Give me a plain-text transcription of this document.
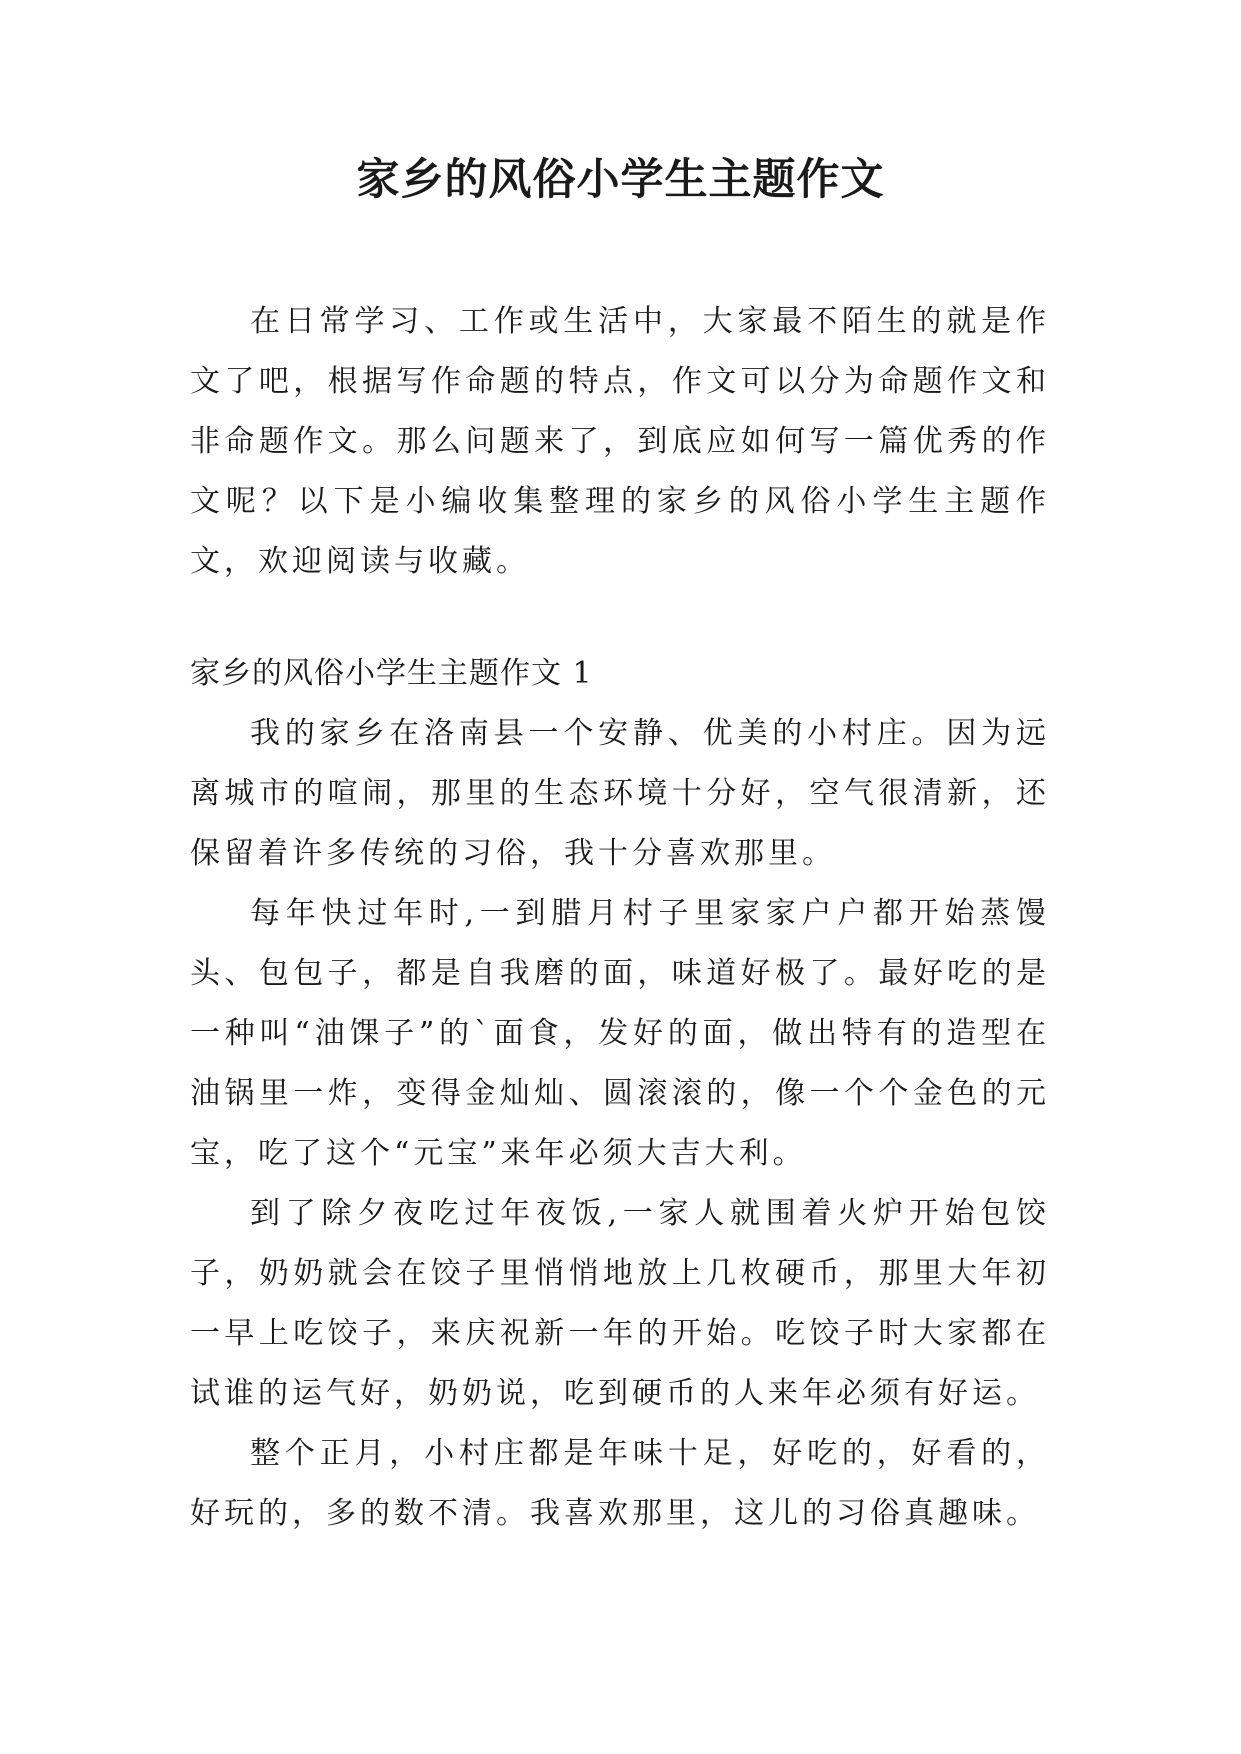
家乡的风俗小学生主题作文

在日常学习、工作或生活中，大家最不陌生的就是作文了吧，根据写作命题的特点，作文可以分为命题作文和非命题作文。那么问题来了，到底应如何写一篇优秀的作文呢？以下是小编收集整理的家乡的风俗小学生主题作文，欢迎阅读与收藏。

家乡的风俗小学生主题作文 1

我的家乡在洛南县一个安静、优美的小村庄。因为远离城市的喧闹，那里的生态环境十分好，空气很清新，还保留着许多传统的习俗，我十分喜欢那里。

每年快过年时,一到腊月村子里家家户户都开始蒸馒头、包包子，都是自我磨的面，味道好极了。最好吃的是一种叫“油馃子”的`面食，发好的面，做出特有的造型在油锅里一炸，变得金灿灿、圆滚滚的，像一个个金色的元宝，吃了这个“元宝”来年必须大吉大利。

到了除夕夜吃过年夜饭,一家人就围着火炉开始包饺子，奶奶就会在饺子里悄悄地放上几枚硬币，那里大年初一早上吃饺子，来庆祝新一年的开始。吃饺子时大家都在试谁的运气好，奶奶说，吃到硬币的人来年必须有好运。

整个正月，小村庄都是年味十足，好吃的，好看的，好玩的，多的数不清。我喜欢那里，这儿的习俗真趣味。
